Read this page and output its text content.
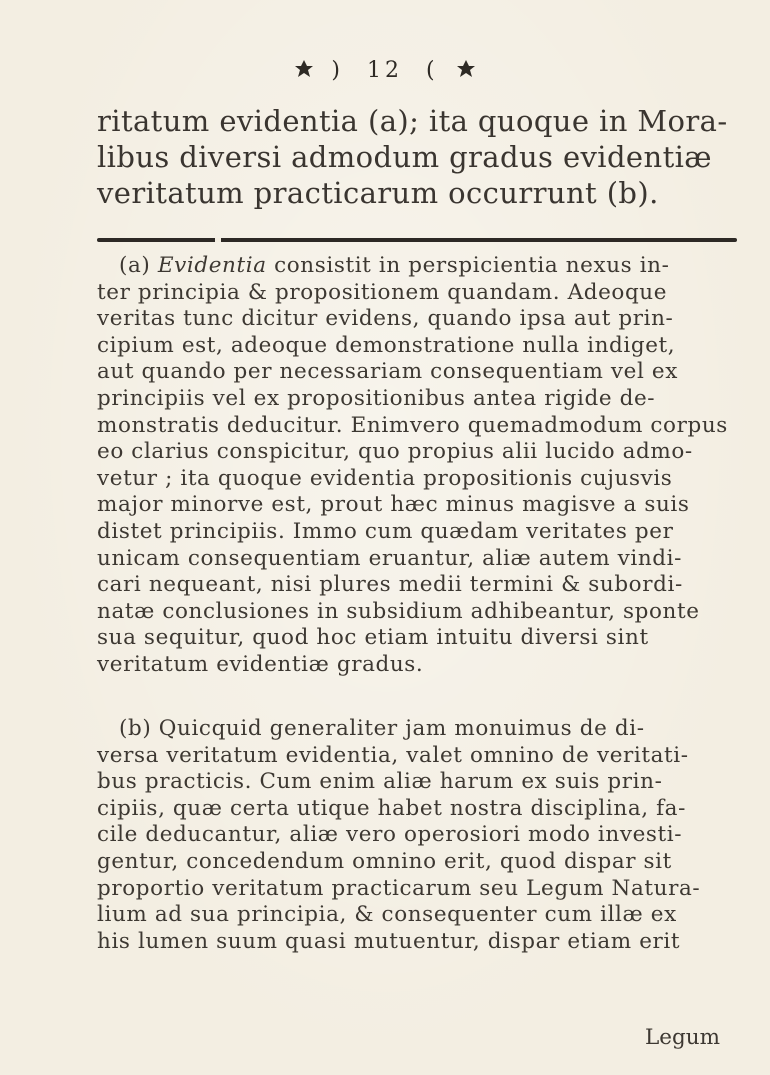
) 12 (
ritatum evidentia (a); ita quoque in Mora-
libus diversi admodum gradus evidentiæ
veritatum practicarum occurrunt (b).
(a) Evidentia consistit in perspicientia nexus in-
ter principia & propositionem quandam. Adeoque
veritas tunc dicitur evidens, quando ipsa aut prin-
cipium est, adeoque demonstratione nulla indiget,
aut quando per necessariam consequentiam vel ex
principiis vel ex propositionibus antea rigide de-
monstratis deducitur. Enimvero quemadmodum corpus
eo clarius conspicitur, quo propius alii lucido admo-
vetur ; ita quoque evidentia propositionis cujusvis
major minorve est, prout hæc minus magisve a suis
distet principiis. Immo cum quædam veritates per
unicam consequentiam eruantur, aliæ autem vindi-
cari nequeant, nisi plures medii termini & subordi-
natæ conclusiones in subsidium adhibeantur, sponte
sua sequitur, quod hoc etiam intuitu diversi sint
veritatum evidentiæ gradus.
(b) Quicquid generaliter jam monuimus de di-
versa veritatum evidentia, valet omnino de veritati-
bus practicis. Cum enim aliæ harum ex suis prin-
cipiis, quæ certa utique habet nostra disciplina, fa-
cile deducantur, aliæ vero operosiori modo investi-
gentur, concedendum omnino erit, quod dispar sit
proportio veritatum practicarum seu Legum Natura-
lium ad sua principia, & consequenter cum illæ ex
his lumen suum quasi mutuentur, dispar etiam erit
Legum
